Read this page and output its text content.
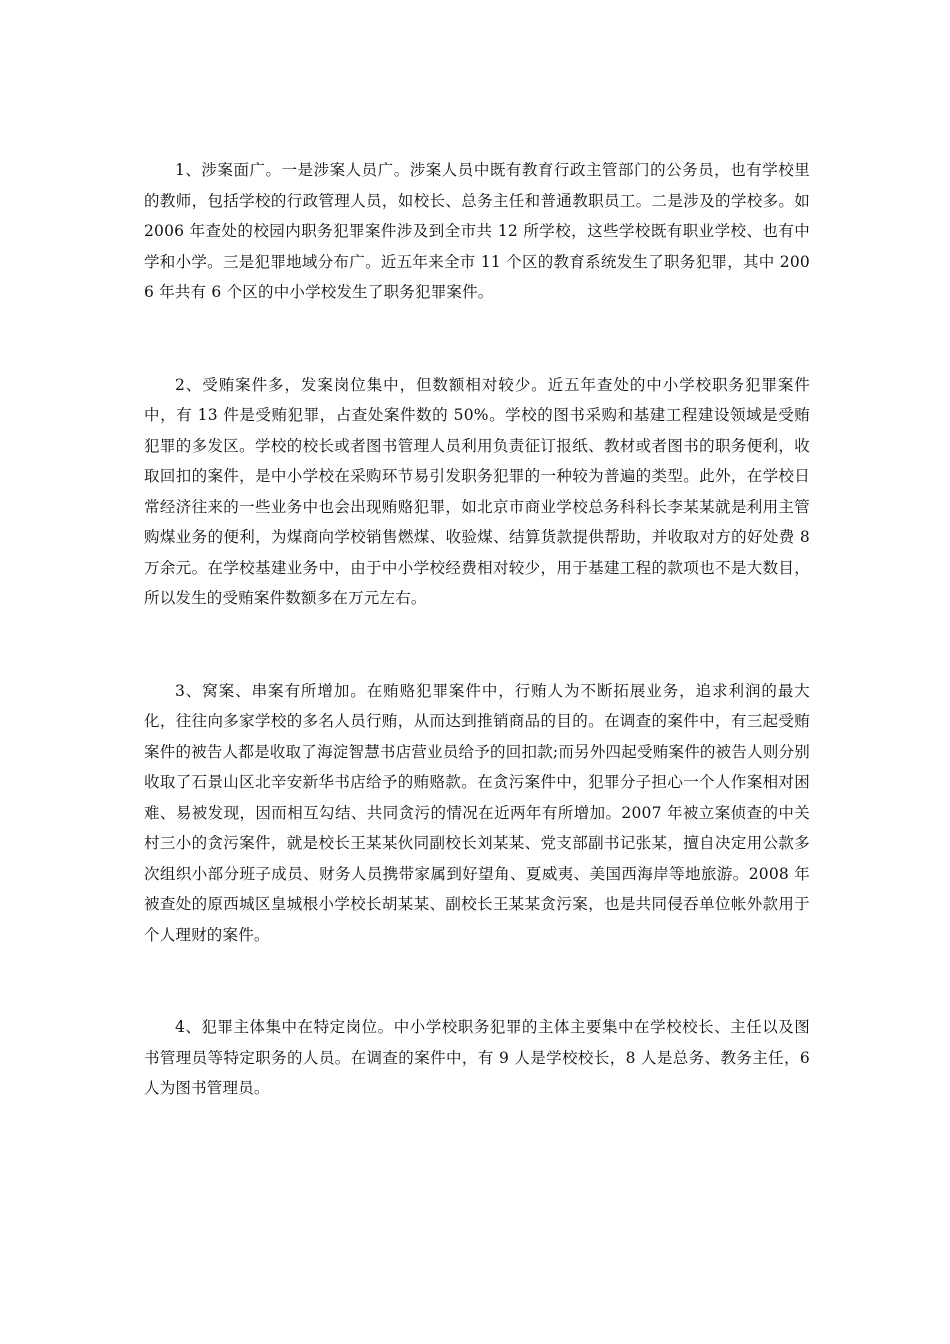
1、涉案面广。一是涉案人员广。涉案人员中既有教育行政主管部门的公务员，也有学校里的教师，包括学校的行政管理人员，如校长、总务主任和普通教职员工。二是涉及的学校多。如 2006 年查处的校园内职务犯罪案件涉及到全市共 12 所学校，这些学校既有职业学校、也有中学和小学。三是犯罪地域分布广。近五年来全市 11 个区的教育系统发生了职务犯罪，其中 2006 年共有 6 个区的中小学校发生了职务犯罪案件。

2、受贿案件多，发案岗位集中，但数额相对较少。近五年查处的中小学校职务犯罪案件中，有 13 件是受贿犯罪，占查处案件数的 50%。学校的图书采购和基建工程建设领域是受贿犯罪的多发区。学校的校长或者图书管理人员利用负责征订报纸、教材或者图书的职务便利，收取回扣的案件，是中小学校在采购环节易引发职务犯罪的一种较为普遍的类型。此外，在学校日常经济往来的一些业务中也会出现贿赂犯罪，如北京市商业学校总务科科长李某某就是利用主管购煤业务的便利，为煤商向学校销售燃煤、收验煤、结算货款提供帮助，并收取对方的好处费 8 万余元。在学校基建业务中，由于中小学校经费相对较少，用于基建工程的款项也不是大数目，所以发生的受贿案件数额多在万元左右。

3、窝案、串案有所增加。在贿赂犯罪案件中，行贿人为不断拓展业务，追求利润的最大化，往往向多家学校的多名人员行贿，从而达到推销商品的目的。在调查的案件中，有三起受贿案件的被告人都是收取了海淀智慧书店营业员给予的回扣款;而另外四起受贿案件的被告人则分别收取了石景山区北辛安新华书店给予的贿赂款。在贪污案件中，犯罪分子担心一个人作案相对困难、易被发现，因而相互勾结、共同贪污的情况在近两年有所增加。2007 年被立案侦查的中关村三小的贪污案件，就是校长王某某伙同副校长刘某某、党支部副书记张某，擅自决定用公款多次组织小部分班子成员、财务人员携带家属到好望角、夏威夷、美国西海岸等地旅游。2008 年被查处的原西城区皇城根小学校长胡某某、副校长王某某贪污案，也是共同侵吞单位帐外款用于个人理财的案件。

4、犯罪主体集中在特定岗位。中小学校职务犯罪的主体主要集中在学校校长、主任以及图书管理员等特定职务的人员。在调查的案件中，有 9 人是学校校长，8 人是总务、教务主任，6 人为图书管理员。
